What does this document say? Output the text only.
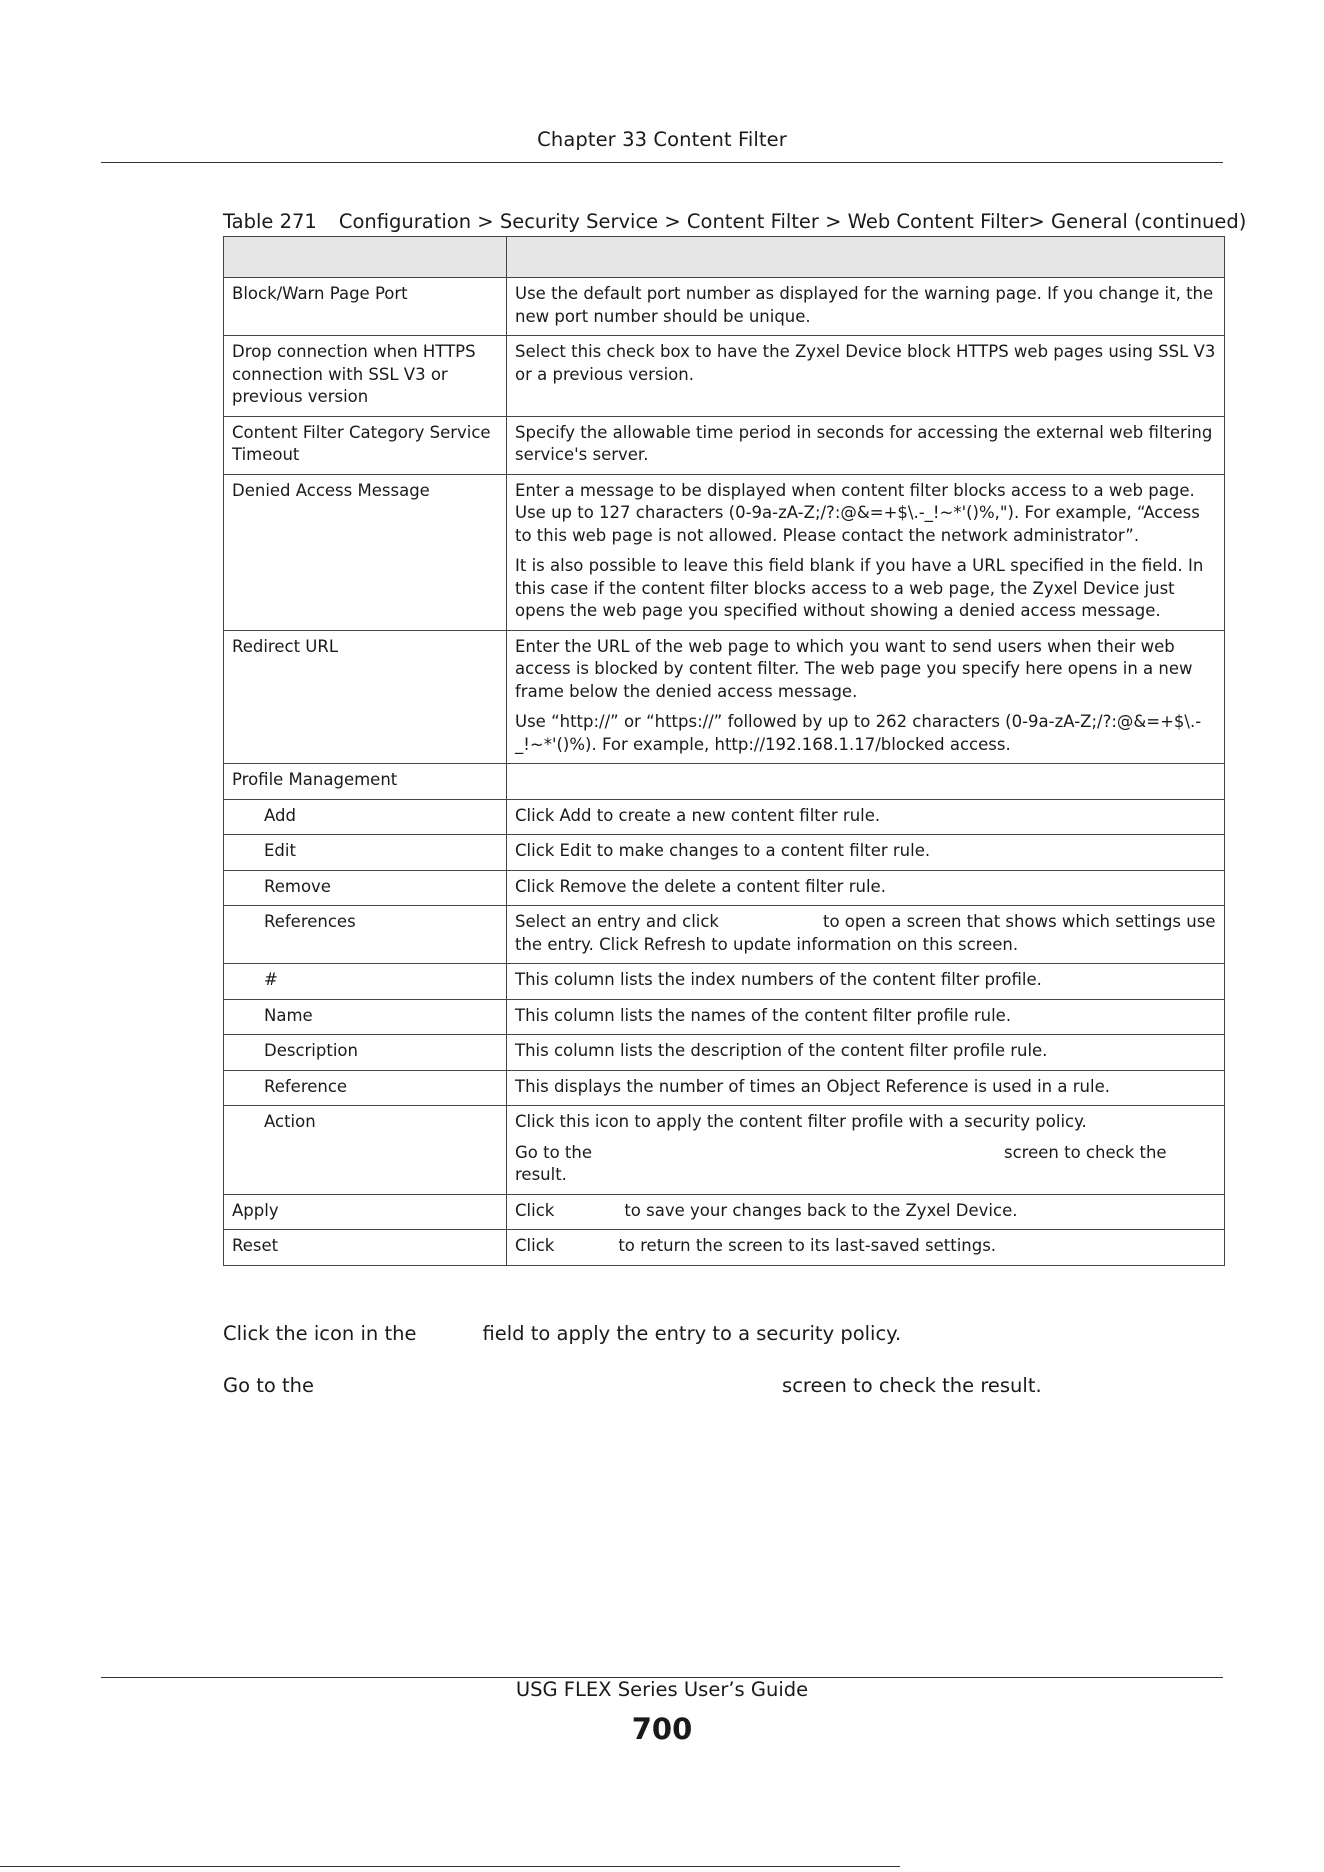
Chapter 33 Content Filter
Table 271 Configuration > Security Service > Content Filter > Web Content Filter> General (continued)

Block/Warn Page Port	Use the default port number as displayed for the warning page. If you change it, the new port number should be unique.
Drop connection when HTTPS connection with SSL V3 or previous version	Select this check box to have the Zyxel Device block HTTPS web pages using SSL V3 or a previous version.
Content Filter Category Service Timeout	Specify the allowable time period in seconds for accessing the external web filtering service's server.
Denied Access Message	Enter a message to be displayed when content filter blocks access to a web page. Use up to 127 characters (0-9a-zA-Z;/?:@&=+$\.-_!~*'()%,"). For example, “Access to this web page is not allowed. Please contact the network administrator”.
It is also possible to leave this field blank if you have a URL specified in the field. In this case if the content filter blocks access to a web page, the Zyxel Device just opens the web page you specified without showing a denied access message.

Redirect URL	Enter the URL of the web page to which you want to send users when their web access is blocked by content filter. The web page you specify here opens in a new frame below the denied access message.
Use “http://” or “https://” followed by up to 262 characters (0-9a-zA-Z;/?:@&=+$\.-_!~*'()%). For example, http://192.168.1.17/blocked access.

Profile Management	
Add	Click Add to create a new content filter rule.
Edit	Click Edit to make changes to a content filter rule.
Remove	Click Remove the delete a content filter rule.
References	Select an entry and click to open a screen that shows which settings use the entry. Click Refresh to update information on this screen.
#	This column lists the index numbers of the content filter profile.
Name	This column lists the names of the content filter profile rule.
Description	This column lists the description of the content filter profile rule.
Reference	This displays the number of times an Object Reference is used in a rule.
Action	Click this icon to apply the content filter profile with a security policy.
Go to the screen to check the result.

Apply	Click to save your changes back to the Zyxel Device.
Reset	Click to return the screen to its last-saved settings.
Click the icon in the	field to apply the entry to a security policy.
Go to the	screen to check the result.
USG FLEX Series User’s Guide
700
